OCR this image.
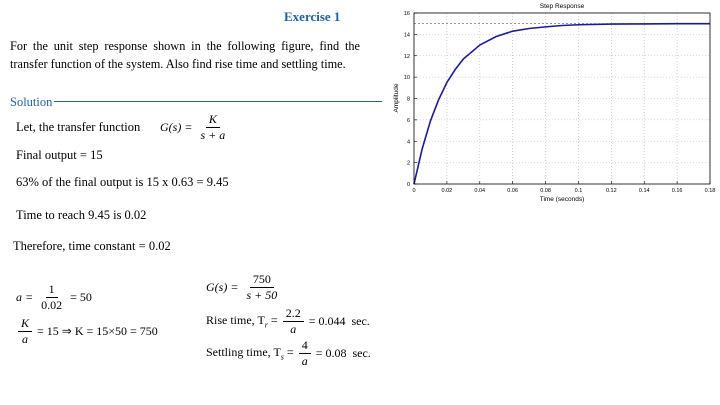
Exercise 1
For the unit step response shown in the following figure, find the transfer function of the system. Also find rise time and settling time.
Solution
Let, the transfer function $G(s) = \frac{K}{s + a}$
Final output = 15
63% of the final output is 15 x 0.63 = 9.45
Time to reach 9.45 is 0.02
Therefore, time constant = 0.02
$a = \frac{1}{0.02} = 50$
$\frac{K}{a} = 15$ ⇒ K = 15×50 = 750
$G(s) = \frac{750}{s + 50}$
Rise time, $T_r = \frac{2.2}{a} = 0.044$  sec.
Settling time, $T_s = \frac{4}{a} = 0.08$  sec.
Step Response
0	0.02	0.04	0.06	0.08	0.1	0.12	0.14	0.16	0.18
0
2
4
6
8
10
12
14
16
Time (seconds)
Amplitude
